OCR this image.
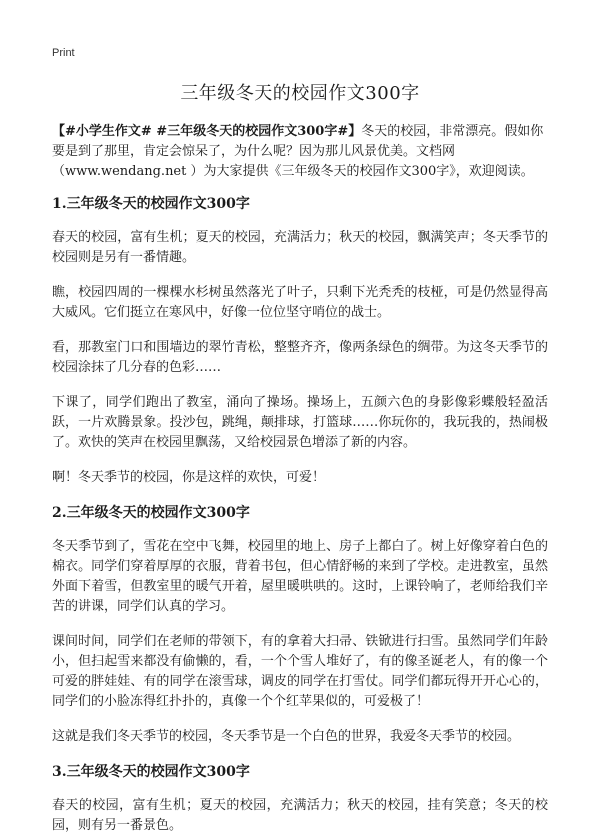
Print
三年级冬天的校园作文300字

【#小学生作文# #三年级冬天的校园作文300字#】冬天的校园，非常漂亮。假如你要是到了那里，肯定会惊呆了，为什么呢？因为那儿风景优美。文档网（www.wendang.net ）为大家提供《三年级冬天的校园作文300字》，欢迎阅读。

1.三年级冬天的校园作文300字

春天的校园，富有生机；夏天的校园，充满活力；秋天的校园，飘满笑声；冬天季节的校园则是另有一番情趣。

瞧，校园四周的一棵棵水杉树虽然落光了叶子，只剩下光秃秃的枝桠，可是仍然显得高大威风。它们挺立在寒风中，好像一位位坚守哨位的战士。

看，那教室门口和围墙边的翠竹青松，整整齐齐，像两条绿色的绸带。为这冬天季节的校园涂抹了几分春的色彩……

下课了，同学们跑出了教室，涌向了操场。操场上，五颜六色的身影像彩蝶般轻盈活跃，一片欢腾景象。投沙包，跳绳，颠排球，打篮球……你玩你的，我玩我的，热闹极了。欢快的笑声在校园里飘荡，又给校园景色增添了新的内容。

啊！冬天季节的校园，你是这样的欢快，可爱！

2.三年级冬天的校园作文300字

冬天季节到了，雪花在空中飞舞，校园里的地上、房子上都白了。树上好像穿着白色的棉衣。同学们穿着厚厚的衣服，背着书包，但心情舒畅的来到了学校。走进教室，虽然外面下着雪，但教室里的暖气开着，屋里暖哄哄的。这时，上课铃响了，老师给我们辛苦的讲课，同学们认真的学习。

课间时间，同学们在老师的带领下，有的拿着大扫帚、铁锨进行扫雪。虽然同学们年龄小，但扫起雪来都没有偷懒的，看，一个个雪人堆好了，有的像圣诞老人，有的像一个可爱的胖娃娃、有的同学在滚雪球，调皮的同学在打雪仗。同学们都玩得开开心心的，同学们的小脸冻得红扑扑的，真像一个个红苹果似的，可爱极了！

这就是我们冬天季节的校园，冬天季节是一个白色的世界，我爱冬天季节的校园。

3.三年级冬天的校园作文300字

春天的校园，富有生机；夏天的校园，充满活力；秋天的校园，挂有笑意；冬天的校园，则有另一番景色。
